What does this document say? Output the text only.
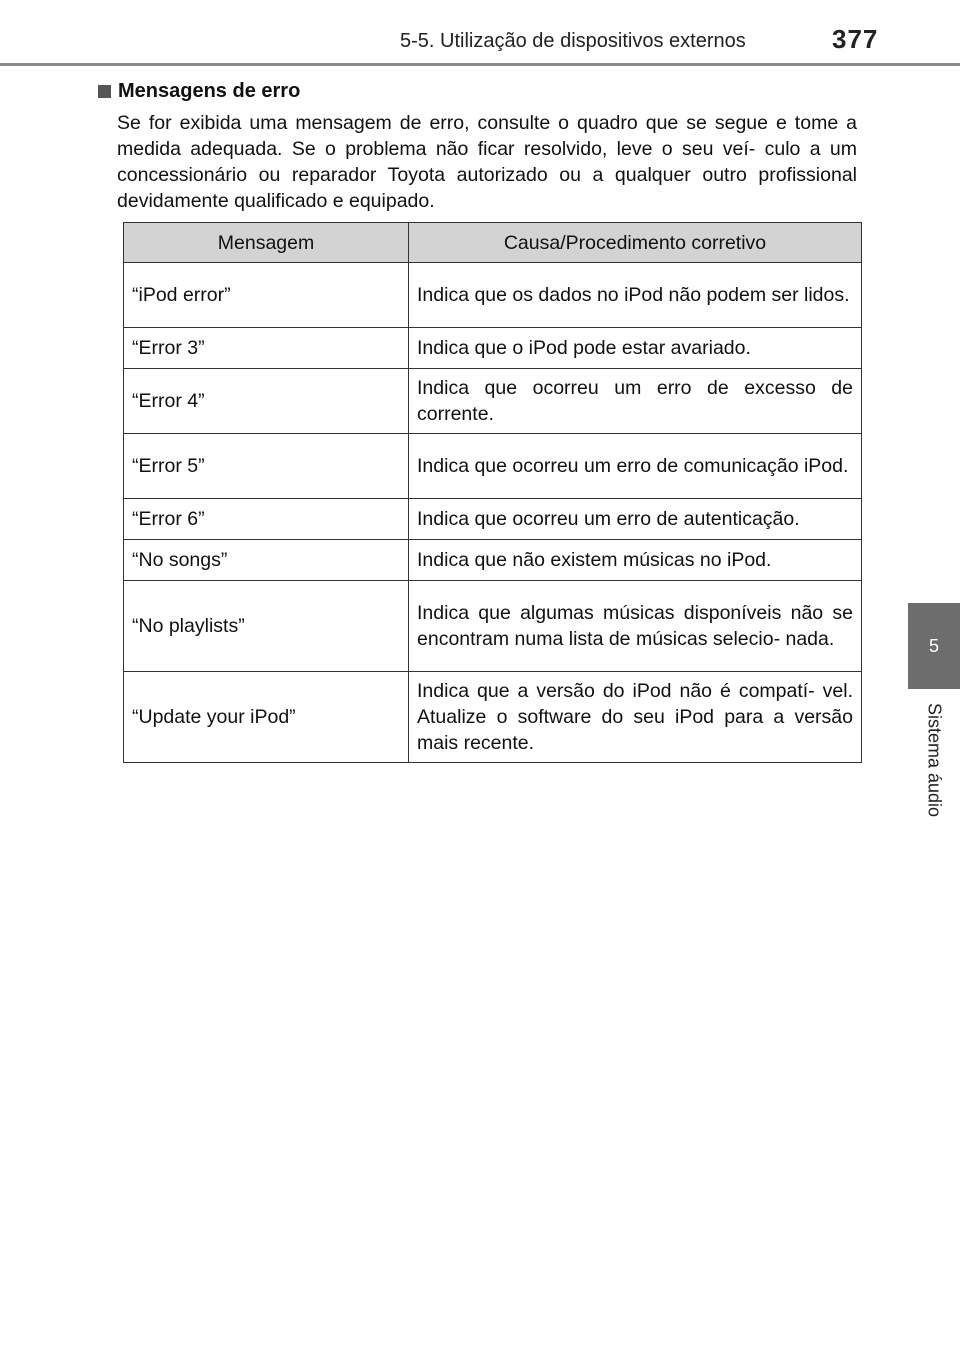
5-5. Utilização de dispositivos externos	377
5
Sistema áudio
Mensagens de erro

Se for exibida uma mensagem de erro, consulte o quadro que se segue e tome a medida adequada. Se o problema não ficar resolvido, leve o seu veí- culo a um concessionário ou reparador Toyota autorizado ou a qualquer outro profissional devidamente qualificado e equipado.

Mensagem	Causa/Procedimento corretivo
“iPod error”	Indica que os dados no iPod não podem ser lidos.
“Error 3”	Indica que o iPod pode estar avariado.
“Error 4”	Indica que ocorreu um erro de excesso de corrente.
“Error 5”	Indica que ocorreu um erro de comunicação iPod.
“Error 6”	Indica que ocorreu um erro de autenticação.
“No songs”	Indica que não existem músicas no iPod.
“No playlists”	Indica que algumas músicas disponíveis não se encontram numa lista de músicas selecio- nada.
“Update your iPod”	Indica que a versão do iPod não é compatí- vel. Atualize o software do seu iPod para a versão mais recente.
